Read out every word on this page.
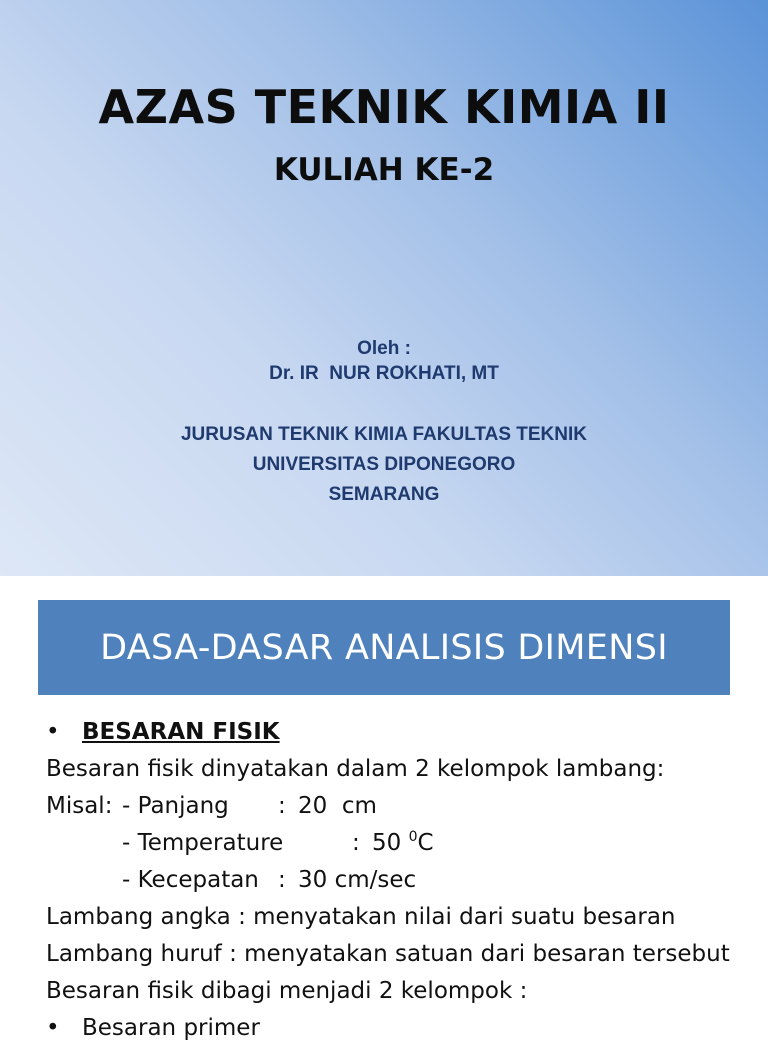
AZAS TEKNIK KIMIA II
KULIAH KE-2
Oleh :
Dr. IR  NUR ROKHATI, MT
JURUSAN TEKNIK KIMIA FAKULTAS TEKNIK
UNIVERSITAS DIPONEGORO
SEMARANG
DASA-DASAR ANALISIS DIMENSI
• BESARAN FISIK
Besaran fisik dinyatakan dalam 2 kelompok lambang:
Misal: - Panjang : 20  cm
- Temperature	: 50 $^0$C
- Kecepatan : 30 cm/sec
Lambang angka : menyatakan nilai dari suatu besaran
Lambang huruf : menyatakan satuan dari besaran tersebut
Besaran fisik dibagi menjadi 2 kelompok :
• Besaran primer
